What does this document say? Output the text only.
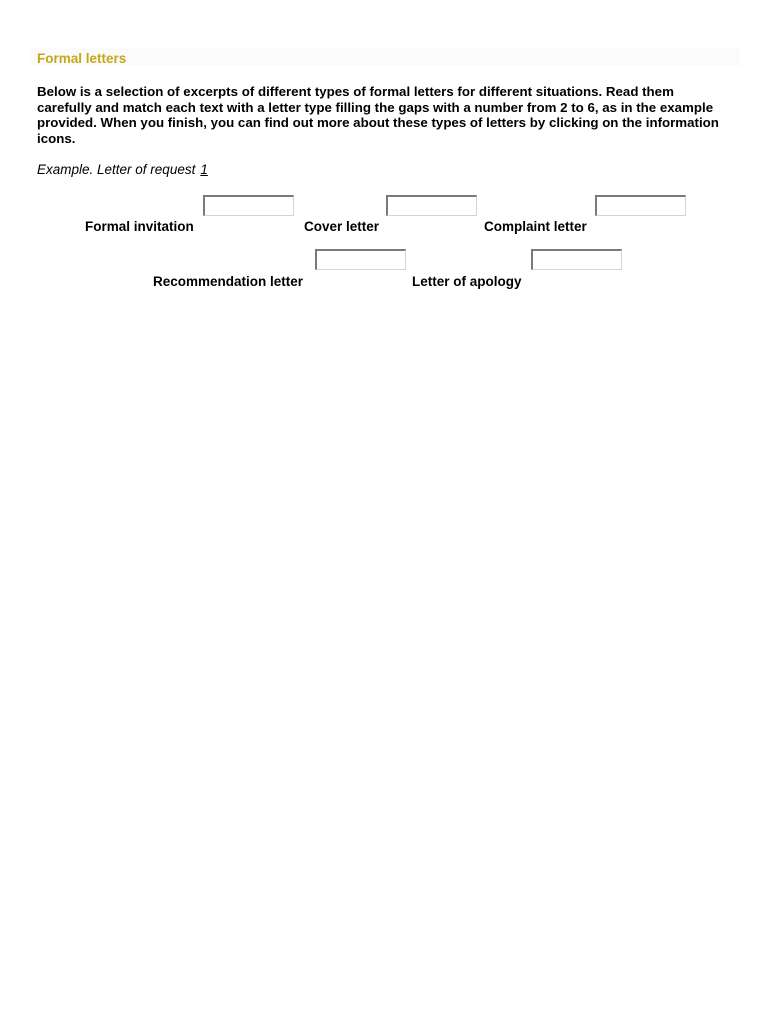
Formal letters
Below is a selection of excerpts of different types of formal letters for different situations. Read them carefully and match each text with a letter type filling the gaps with a number from 2 to 6, as in the example provided. When you finish, you can find out more about these types of letters by clicking on the information icons.
Example. Letter of request 1
Formal invitation	Cover letter	Complaint letter
Recommendation letter	Letter of apology
